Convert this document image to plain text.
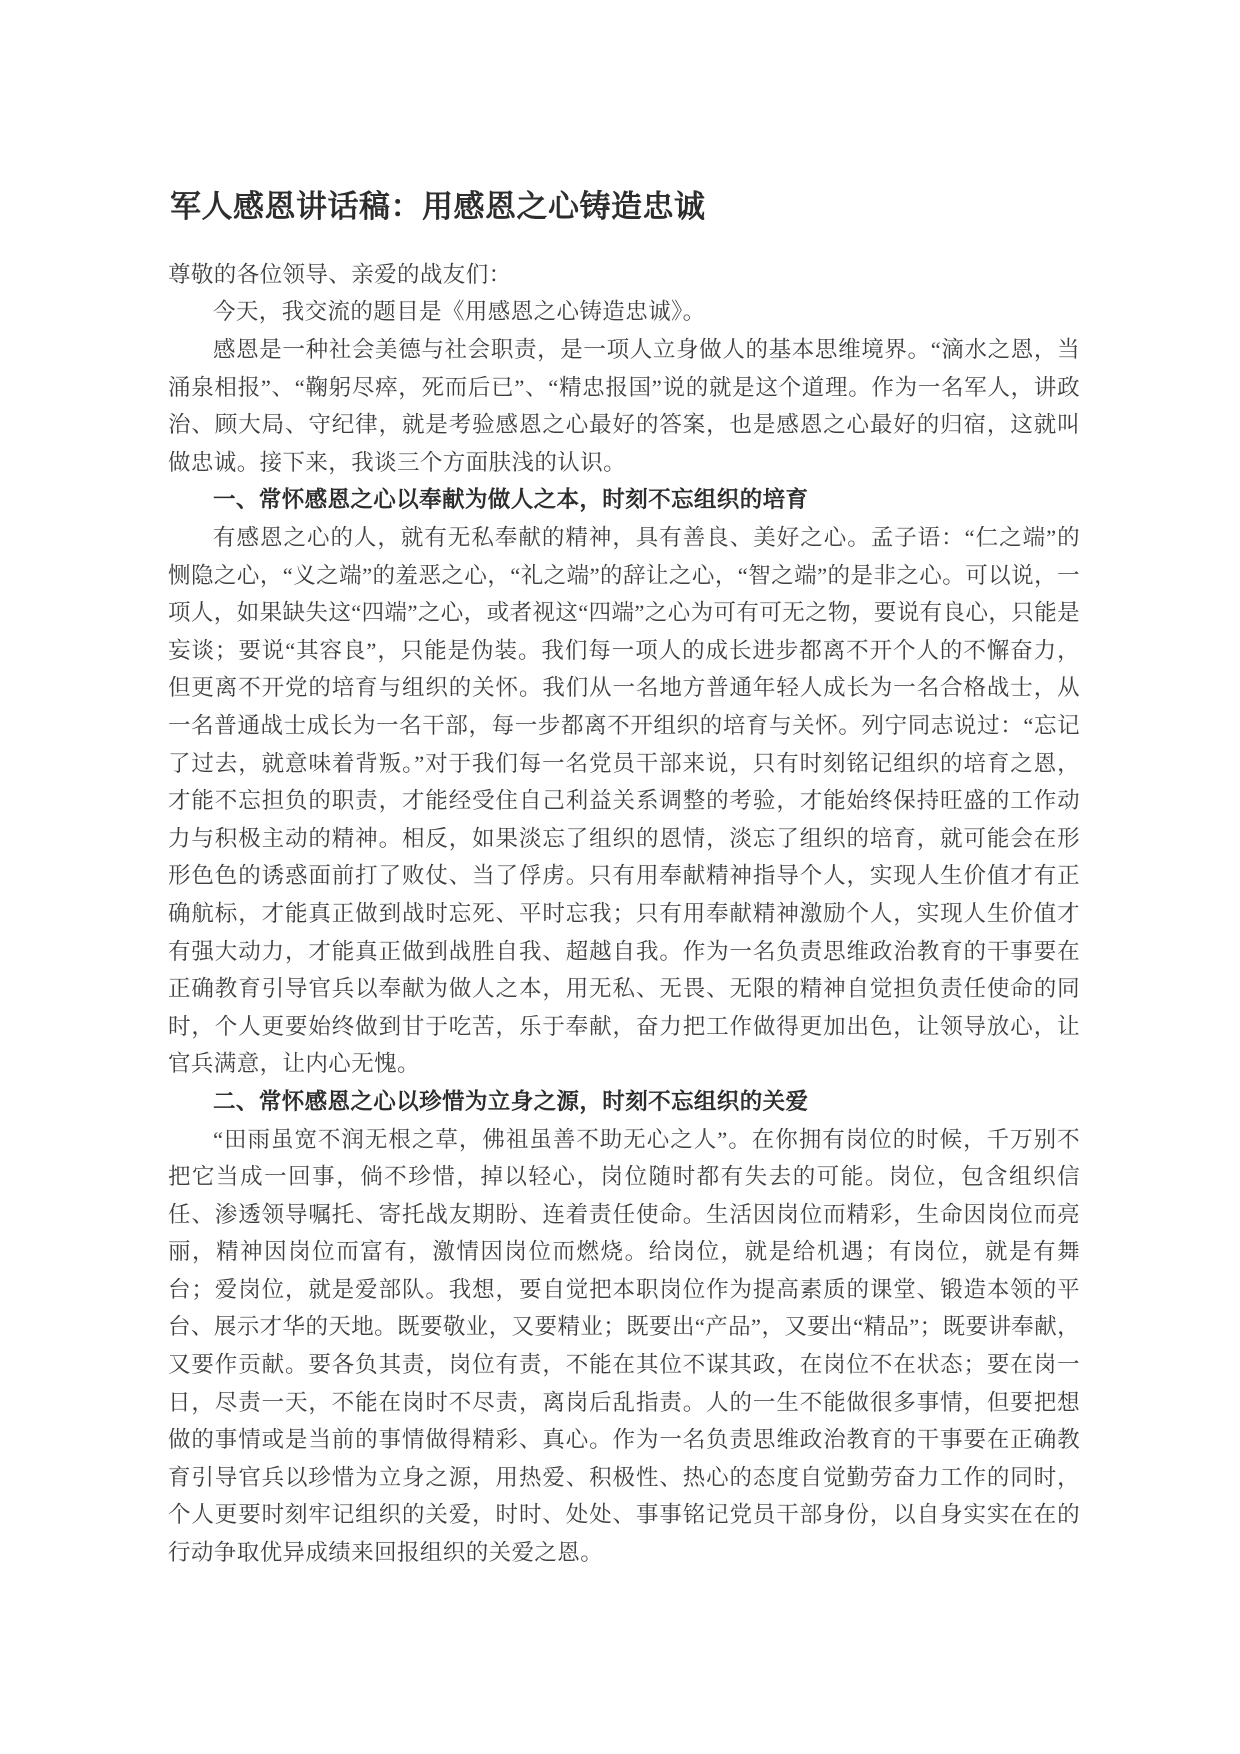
军人感恩讲话稿：用感恩之心铸造忠诚

尊敬的各位领导、亲爱的战友们：

今天，我交流的题目是《用感恩之心铸造忠诚》。

感恩是一种社会美德与社会职责，是一项人立身做人的基本思维境界。“滴水之恩，当涌泉相报”、“鞠躬尽瘁，死而后已”、“精忠报国”说的就是这个道理。作为一名军人，讲政治、顾大局、守纪律，就是考验感恩之心最好的答案，也是感恩之心最好的归宿，这就叫做忠诚。接下来，我谈三个方面肤浅的认识。

一、常怀感恩之心以奉献为做人之本，时刻不忘组织的培育

有感恩之心的人，就有无私奉献的精神，具有善良、美好之心。孟子语：“仁之端”的恻隐之心，“义之端”的羞恶之心，“礼之端”的辞让之心，“智之端”的是非之心。可以说，一项人，如果缺失这“四端”之心，或者视这“四端”之心为可有可无之物，要说有良心，只能是妄谈；要说“其容良”，只能是伪装。我们每一项人的成长进步都离不开个人的不懈奋力，但更离不开党的培育与组织的关怀。我们从一名地方普通年轻人成长为一名合格战士，从一名普通战士成长为一名干部，每一步都离不开组织的培育与关怀。列宁同志说过：“忘记了过去，就意味着背叛。”对于我们每一名党员干部来说，只有时刻铭记组织的培育之恩，才能不忘担负的职责，才能经受住自己利益关系调整的考验，才能始终保持旺盛的工作动力与积极主动的精神。相反，如果淡忘了组织的恩情，淡忘了组织的培育，就可能会在形形色色的诱惑面前打了败仗、当了俘虏。只有用奉献精神指导个人，实现人生价值才有正确航标，才能真正做到战时忘死、平时忘我；只有用奉献精神激励个人，实现人生价值才有强大动力，才能真正做到战胜自我、超越自我。作为一名负责思维政治教育的干事要在正确教育引导官兵以奉献为做人之本，用无私、无畏、无限的精神自觉担负责任使命的同时，个人更要始终做到甘于吃苦，乐于奉献，奋力把工作做得更加出色，让领导放心，让官兵满意，让内心无愧。

二、常怀感恩之心以珍惜为立身之源，时刻不忘组织的关爱

“田雨虽宽不润无根之草，佛祖虽善不助无心之人”。在你拥有岗位的时候，千万别不把它当成一回事，倘不珍惜，掉以轻心，岗位随时都有失去的可能。岗位，包含组织信任、渗透领导嘱托、寄托战友期盼、连着责任使命。生活因岗位而精彩，生命因岗位而亮丽，精神因岗位而富有，激情因岗位而燃烧。给岗位，就是给机遇；有岗位，就是有舞台；爱岗位，就是爱部队。我想，要自觉把本职岗位作为提高素质的课堂、锻造本领的平台、展示才华的天地。既要敬业，又要精业；既要出“产品”，又要出“精品”；既要讲奉献，又要作贡献。要各负其责，岗位有责，不能在其位不谋其政，在岗位不在状态；要在岗一日，尽责一天，不能在岗时不尽责，离岗后乱指责。人的一生不能做很多事情，但要把想做的事情或是当前的事情做得精彩、真心。作为一名负责思维政治教育的干事要在正确教育引导官兵以珍惜为立身之源，用热爱、积极性、热心的态度自觉勤劳奋力工作的同时，个人更要时刻牢记组织的关爱，时时、处处、事事铭记党员干部身份，以自身实实在在的行动争取优异成绩来回报组织的关爱之恩。
